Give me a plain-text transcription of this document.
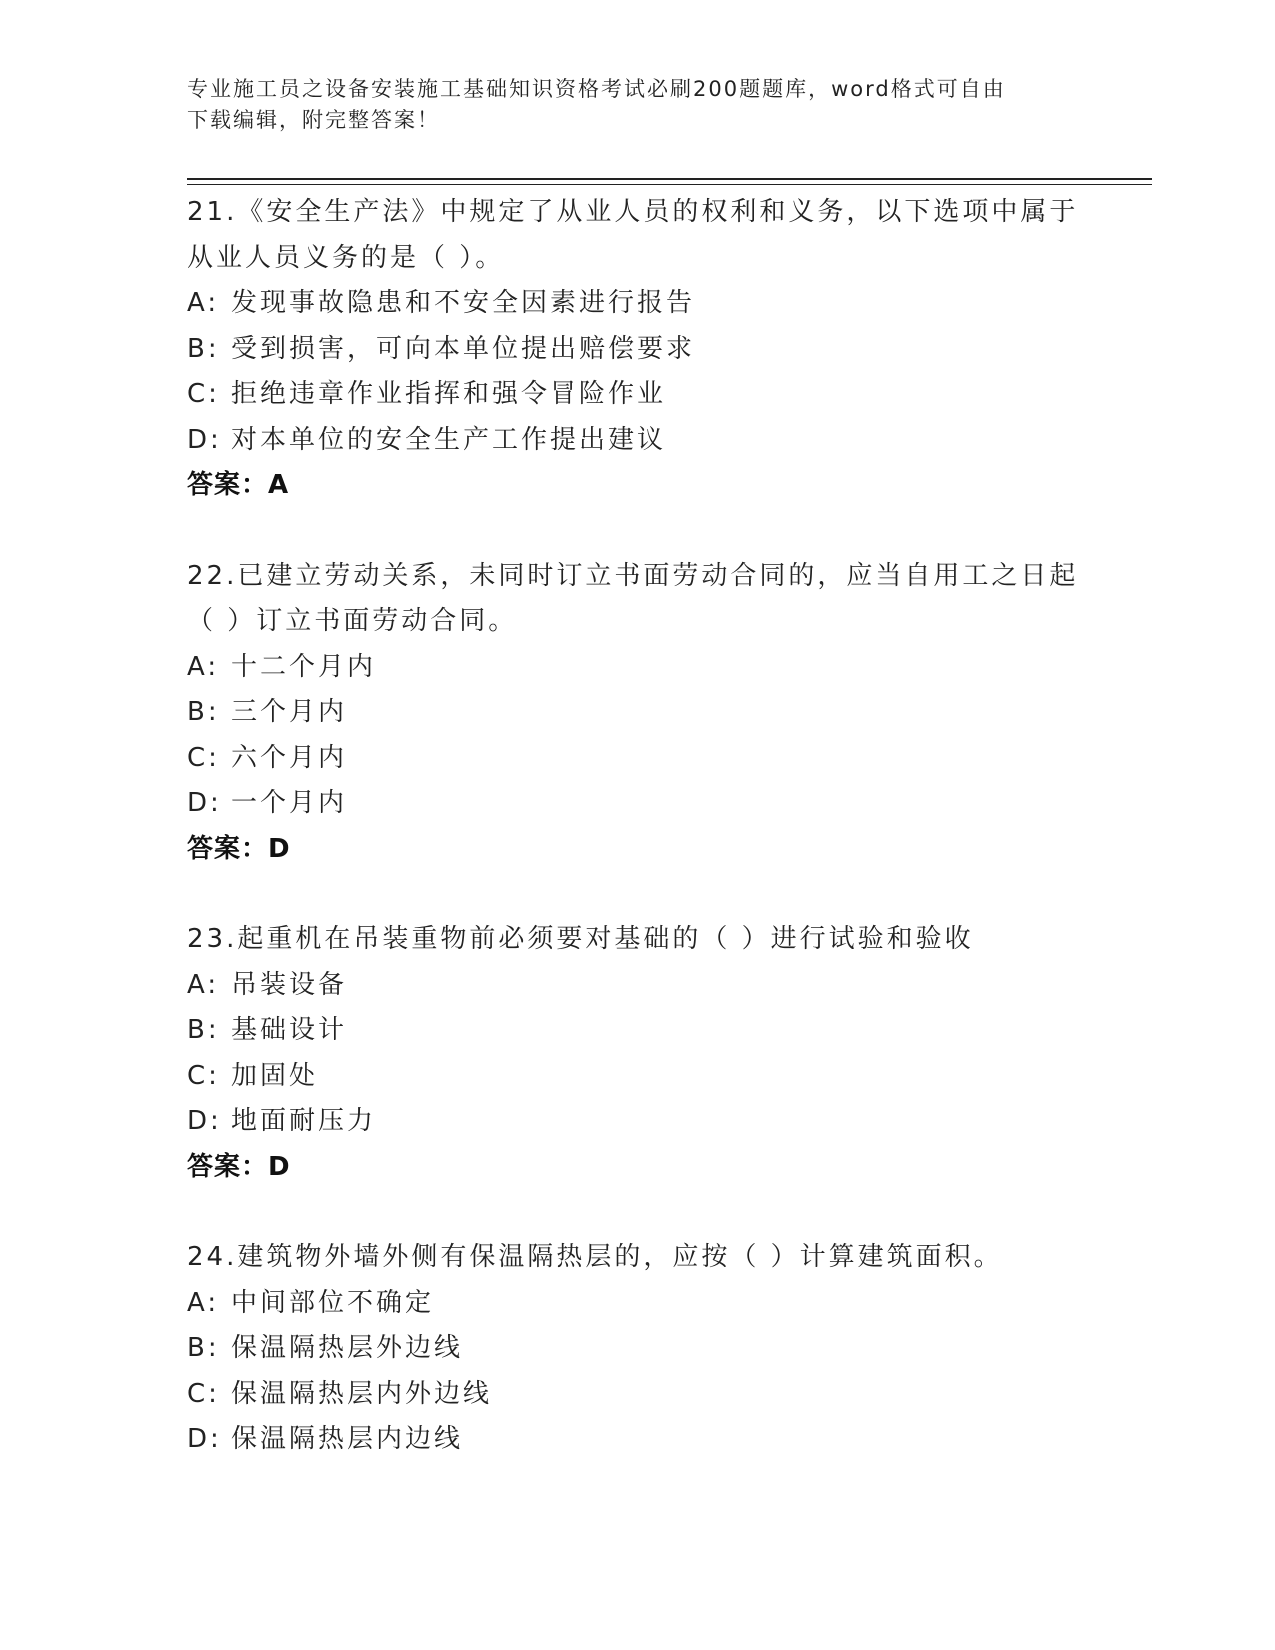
专业施工员之设备安装施工基础知识资格考试必刷200题题库，word格式可自由
下载编辑，附完整答案！
21.《安全生产法》中规定了从业人员的权利和义务，以下选项中属于
从业人员义务的是（ ）。
A: 发现事故隐患和不安全因素进行报告
B: 受到损害，可向本单位提出赔偿要求
C: 拒绝违章作业指挥和强令冒险作业
D: 对本单位的安全生产工作提出建议
答案：A
22.已建立劳动关系，未同时订立书面劳动合同的，应当自用工之日起
（ ）订立书面劳动合同。
A: 十二个月内
B: 三个月内
C: 六个月内
D: 一个月内
答案：D
23.起重机在吊装重物前必须要对基础的（ ）进行试验和验收
A: 吊装设备
B: 基础设计
C: 加固处
D: 地面耐压力
答案：D
24.建筑物外墙外侧有保温隔热层的，应按（ ）计算建筑面积。
A: 中间部位不确定
B: 保温隔热层外边线
C: 保温隔热层内外边线
D: 保温隔热层内边线
